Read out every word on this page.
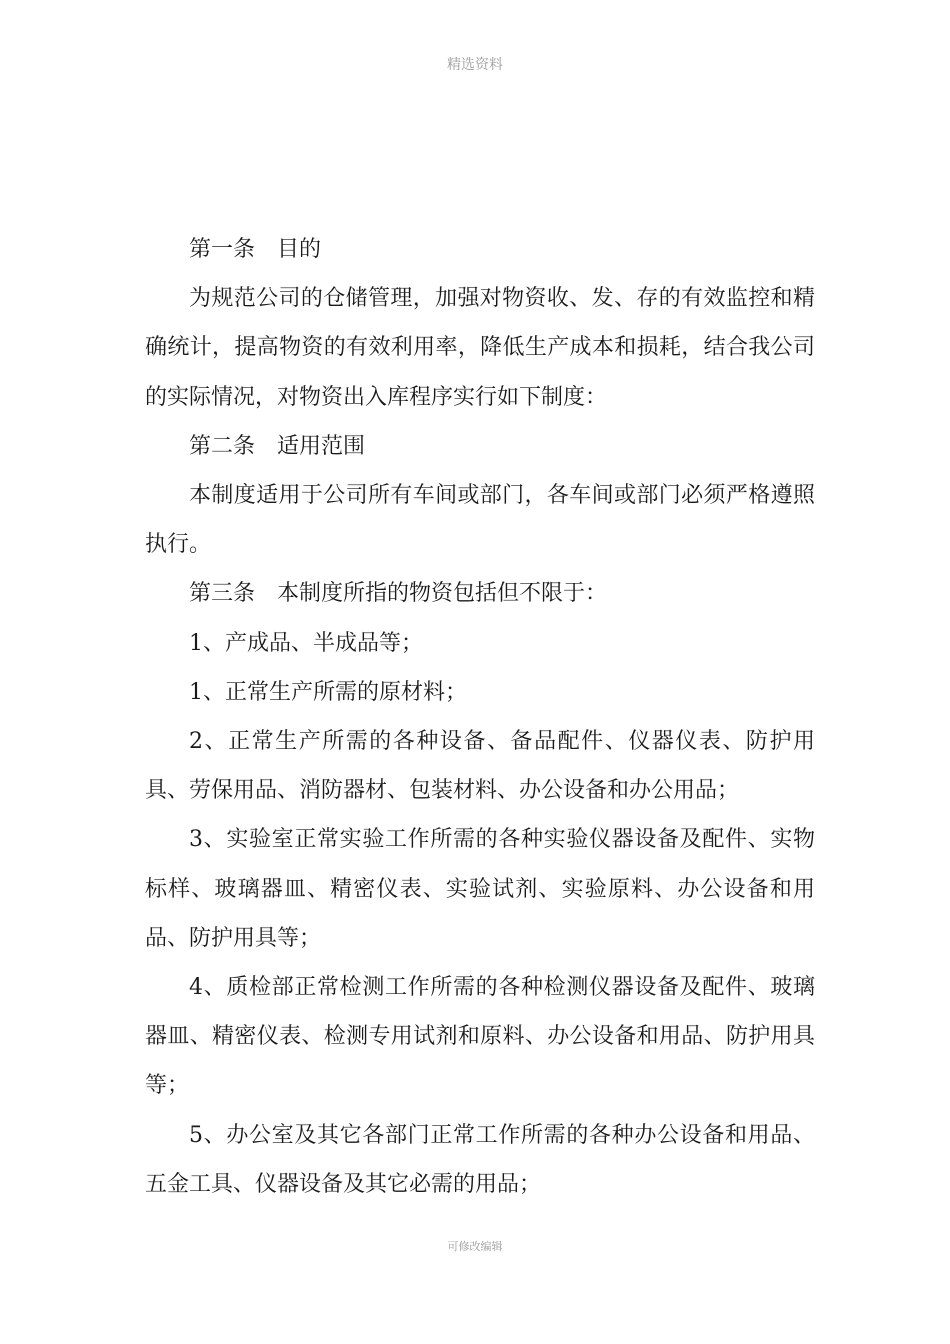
精选资料

第一条 目的

为规范公司的仓储管理，加强对物资收、发、存的有效监控和精确统计，提高物资的有效利用率，降低生产成本和损耗，结合我公司的实际情况，对物资出入库程序实行如下制度：

第二条 适用范围

本制度适用于公司所有车间或部门，各车间或部门必须严格遵照执行。

第三条 本制度所指的物资包括但不限于：

1、产成品、半成品等；

1、正常生产所需的原材料；

2、正常生产所需的各种设备、备品配件、仪器仪表、防护用具、劳保用品、消防器材、包装材料、办公设备和办公用品；

3、实验室正常实验工作所需的各种实验仪器设备及配件、实物标样、玻璃器皿、精密仪表、实验试剂、实验原料、办公设备和用品、防护用具等；

4、质检部正常检测工作所需的各种检测仪器设备及配件、玻璃器皿、精密仪表、检测专用试剂和原料、办公设备和用品、防护用具等；

5、办公室及其它各部门正常工作所需的各种办公设备和用品、五金工具、仪器设备及其它必需的用品；

可修改编辑
